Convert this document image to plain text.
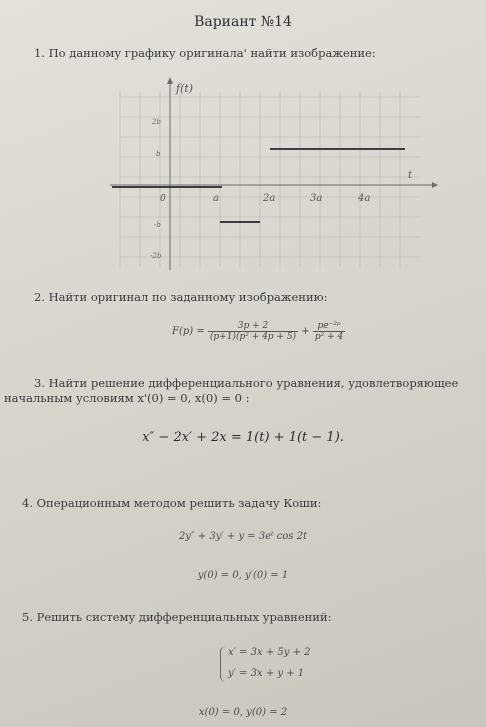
Вариант №14
1. По данному графику оригинала' найти изображение:
f(t)
t
2b
b
-b
-2b
0	a	2a	3a	4a
2. Найти оригинал по заданному изображению:
$F(p) = \frac{3p + 2}{\text{(p+1)(p² + 4p + 5)}} + \frac{\text{pe⁻²ᵖ}}{\text{p² + 4}}$
3. Найти решение дифференциального уравнения, удовлетворяющее
начальным условиям x'(0) = 0, x(0) = 0 :
x″ − 2x′ + 2x = 1(t) + 1(t − 1).
4. Операционным методом решить задачу Коши:
2y″ + 3y′ + y = 3eᵗ cos 2t
y(0) = 0, y′(0) = 1
5. Решить систему дифференциальных уравнений:
x′ = 3x + 5y + 2
y′ = 3x + y + 1
x(0) = 0, y(0) = 2
